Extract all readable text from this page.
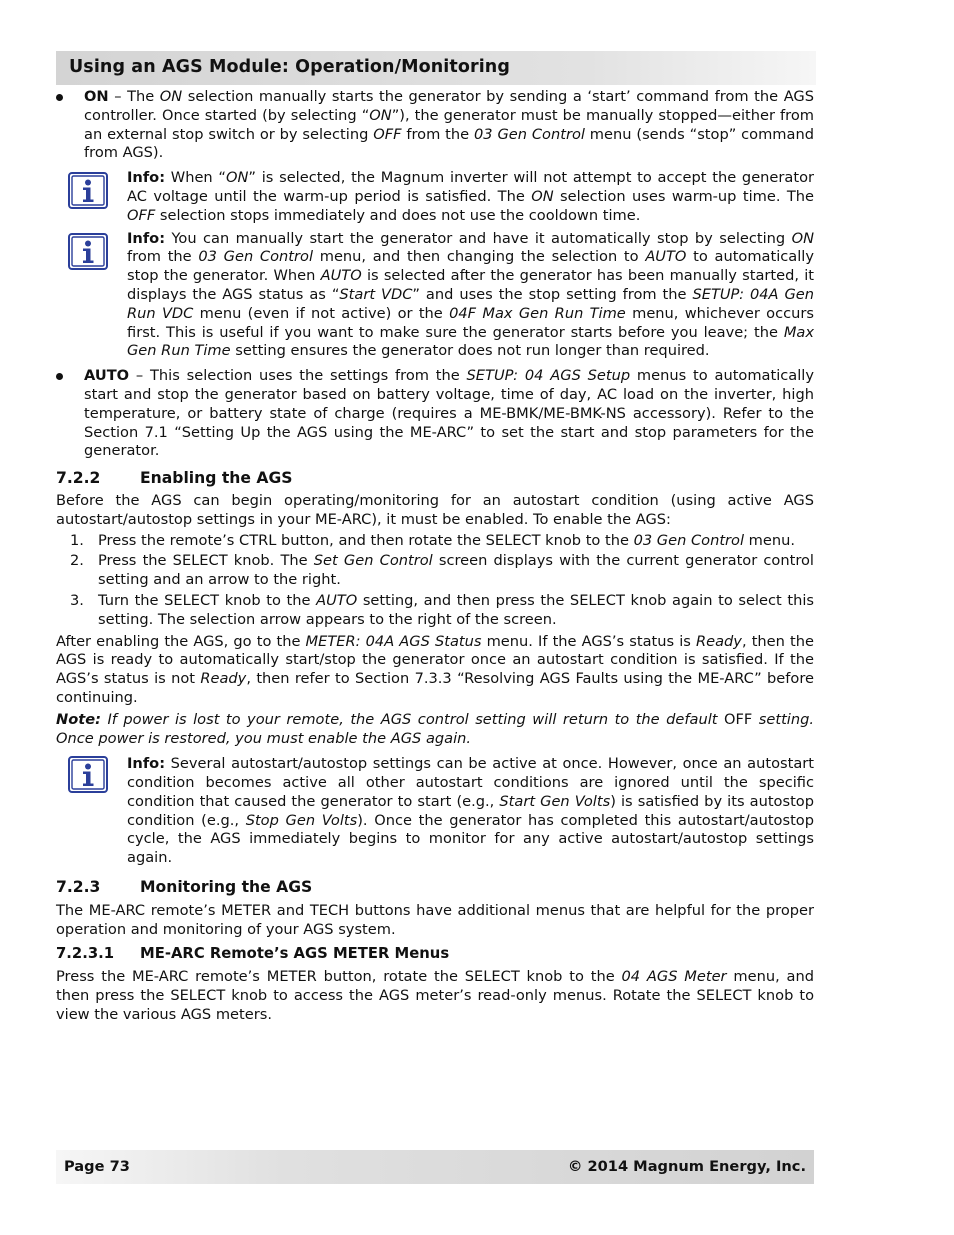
Using an AGS Module: Operation/Monitoring

ON – The ON selection manually starts the generator by sending a ‘start’ command from the AGS controller. Once started (by selecting “ON”), the generator must be manually stopped—either from an external stop switch or by selecting OFF from the 03 Gen Control menu (sends “stop” command from AGS).

Info: When “ON” is selected, the Magnum inverter will not attempt to accept the generator AC voltage until the warm-up period is satisfied. The ON selection uses warm-up time. The OFF selection stops immediately and does not use the cooldown time.

Info: You can manually start the generator and have it automatically stop by selecting ON from the 03 Gen Control menu, and then changing the selection to AUTO to automatically stop the generator. When AUTO is selected after the generator has been manually started, it displays the AGS status as “Start VDC” and uses the stop setting from the SETUP: 04A Gen Run VDC menu (even if not active) or the 04F Max Gen Run Time menu, whichever occurs first. This is useful if you want to make sure the generator starts before you leave; the Max Gen Run Time setting ensures the generator does not run longer than required.

AUTO – This selection uses the settings from the SETUP: 04 AGS Setup menus to automatically start and stop the generator based on battery voltage, time of day, AC load on the inverter, high temperature, or battery state of charge (requires a ME-BMK/ME-BMK-NS accessory). Refer to the Section 7.1 “Setting Up the AGS using the ME-ARC” to set the start and stop parameters for the generator.

7.2.2	Enabling the AGS

Before the AGS can begin operating/monitoring for an autostart condition (using active AGS autostart/autostop settings in your ME-ARC), it must be enabled. To enable the AGS:

1. Press the remote’s CTRL button, and then rotate the SELECT knob to the 03 Gen Control menu.
2. Press the SELECT knob. The Set Gen Control screen displays with the current generator control setting and an arrow to the right.
3. Turn the SELECT knob to the AUTO setting, and then press the SELECT knob again to select this setting. The selection arrow appears to the right of the screen.

After enabling the AGS, go to the METER: 04A AGS Status menu. If the AGS’s status is Ready, then the AGS is ready to automatically start/stop the generator once an autostart condition is satisfied. If the AGS’s status is not Ready, then refer to Section 7.3.3 “Resolving AGS Faults using the ME-ARC” before continuing.

Note: If power is lost to your remote, the AGS control setting will return to the default OFF setting. Once power is restored, you must enable the AGS again.

Info: Several autostart/autostop settings can be active at once. However, once an autostart condition becomes active all other autostart conditions are ignored until the specific condition that caused the generator to start (e.g., Start Gen Volts) is satisfied by its autostop condition (e.g., Stop Gen Volts). Once the generator has completed this autostart/autostop cycle, the AGS immediately begins to monitor for any active autostart/autostop settings again.

7.2.3	Monitoring the AGS

The ME-ARC remote’s METER and TECH buttons have additional menus that are helpful for the proper operation and monitoring of your AGS system.

7.2.3.1 ME-ARC Remote’s AGS METER Menus

Press the ME-ARC remote’s METER button, rotate the SELECT knob to the 04 AGS Meter menu, and then press the SELECT knob to access the AGS meter’s read-only menus. Rotate the SELECT knob to view the various AGS meters.

Page 73	© 2014 Magnum Energy, Inc.
